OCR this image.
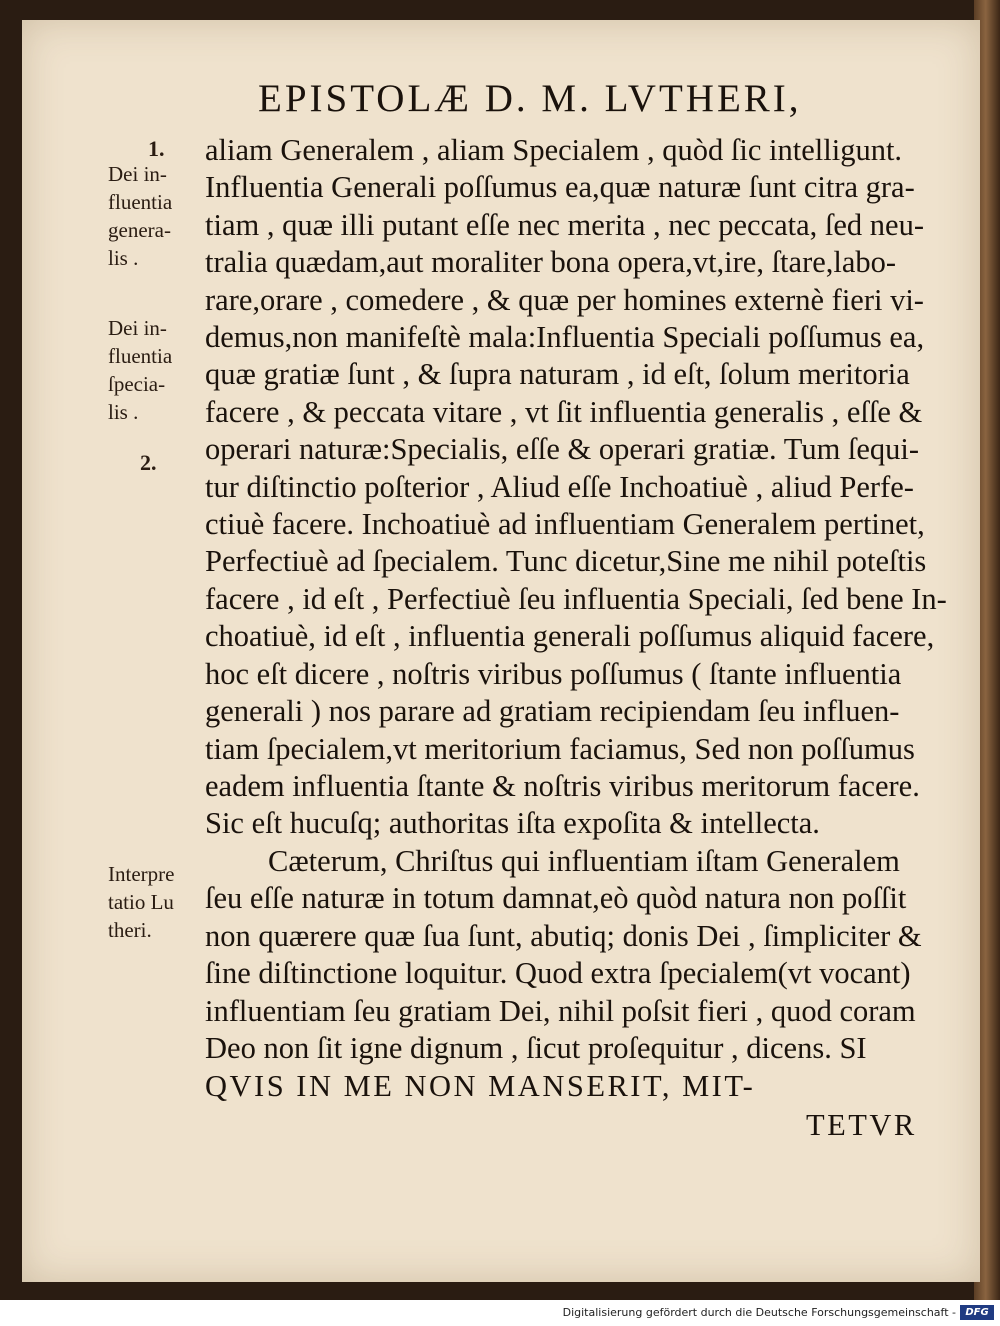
EPISTOLÆ D. M. LVTHERI,
1.
Dei in-
fluentia
genera-
lis .
Dei in-
fluentia
ſpecia-
lis .
2.
Interpre
tatio Lu
theri.
aliam Generalem , aliam Specialem , quòd ſic intelligunt.
Influentia Generali poſſumus ea,quæ naturæ ſunt citra gra-
tiam , quæ illi putant eſſe nec merita , nec peccata, ſed neu-
tralia quædam,aut moraliter bona opera,vt,ire, ſtare,labo-
rare,orare , comedere , & quæ per homines externè fieri vi-
demus,non manifeſtè mala:Influentia Speciali poſſumus ea,
quæ gratiæ ſunt , & ſupra naturam , id eſt, ſolum meritoria
facere , & peccata vitare , vt ſit influentia generalis , eſſe &
operari naturæ:Specialis, eſſe & operari gratiæ. Tum ſequi-
tur diſtinctio poſterior , Aliud eſſe Inchoatiuè , aliud Perfe-
ctiuè facere. Inchoatiuè ad influentiam Generalem pertinet,
Perfectiuè ad ſpecialem. Tunc dicetur,Sine me nihil poteſtis
facere , id eſt , Perfectiuè ſeu influentia Speciali, ſed bene In-
choatiuè, id eſt , influentia generali poſſumus aliquid facere,
hoc eſt dicere , noſtris viribus poſſumus ( ſtante influentia
generali ) nos parare ad gratiam recipiendam ſeu influen-
tiam ſpecialem,vt meritorium faciamus, Sed non poſſumus
eadem influentia ſtante & noſtris viribus meritorum facere.
Sic eſt hucuſq; authoritas iſta expoſita & intellecta.
Cæterum, Chriſtus qui influentiam iſtam Generalem
ſeu eſſe naturæ in totum damnat,eò quòd natura non poſſit
non quærere quæ ſua ſunt, abutiq; donis Dei , ſimpliciter &
ſine diſtinctione loquitur. Quod extra ſpecialem(vt vocant)
influentiam ſeu gratiam Dei, nihil poſsit fieri , quod coram
Deo non ſit igne dignum , ſicut proſequitur , dicens. SI
QVIS IN ME NON MANSERIT, MIT-
TETVR
Digitalisierung gefördert durch die Deutsche Forschungsgemeinschaft - DFG
